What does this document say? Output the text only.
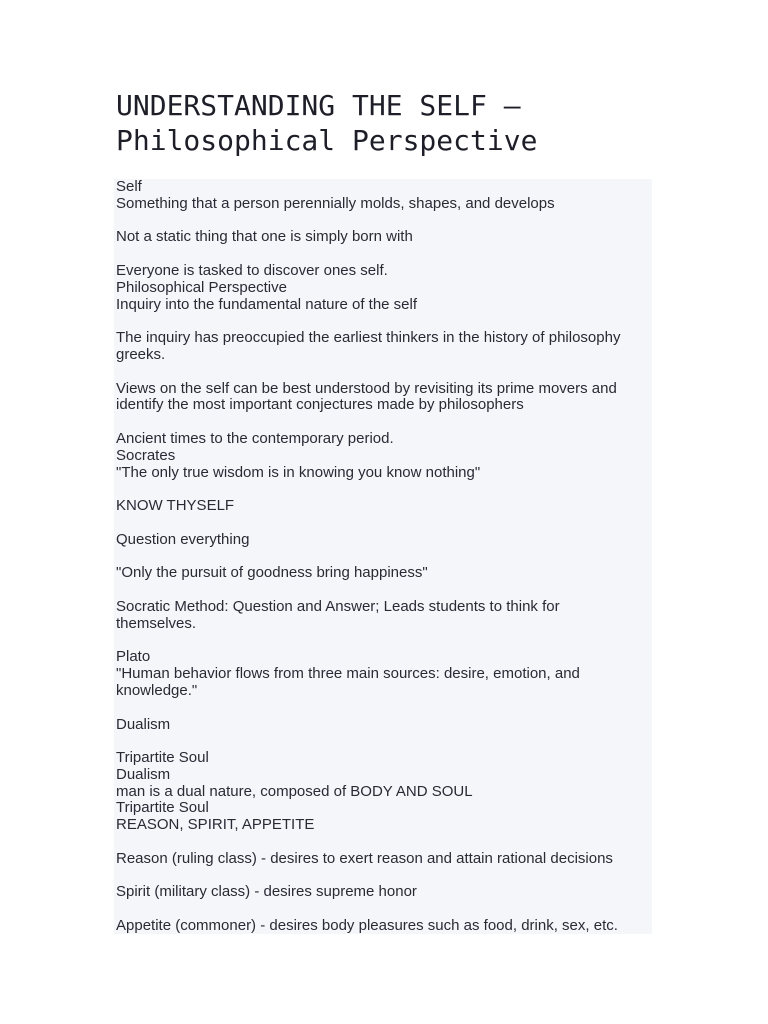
UNDERSTANDING THE SELF –
Philosophical Perspective

Self

Something that a person perennially molds, shapes, and develops

Not a static thing that one is simply born with

Everyone is tasked to discover ones self.

Philosophical Perspective

Inquiry into the fundamental nature of the self

The inquiry has preoccupied the earliest thinkers in the history of philosophy

greeks.

Views on the self can be best understood by revisiting its prime movers and

identify the most important conjectures made by philosophers

Ancient times to the contemporary period.

Socrates

"The only true wisdom is in knowing you know nothing"

KNOW THYSELF

Question everything

"Only the pursuit of goodness bring happiness"

Socratic Method: Question and Answer; Leads students to think for

themselves.

Plato

"Human behavior flows from three main sources: desire, emotion, and

knowledge."

Dualism

Tripartite Soul

Dualism

man is a dual nature, composed of BODY AND SOUL

Tripartite Soul

REASON, SPIRIT, APPETITE

Reason (ruling class) - desires to exert reason and attain rational decisions

Spirit (military class) - desires supreme honor

Appetite (commoner) - desires body pleasures such as food, drink, sex, etc.
